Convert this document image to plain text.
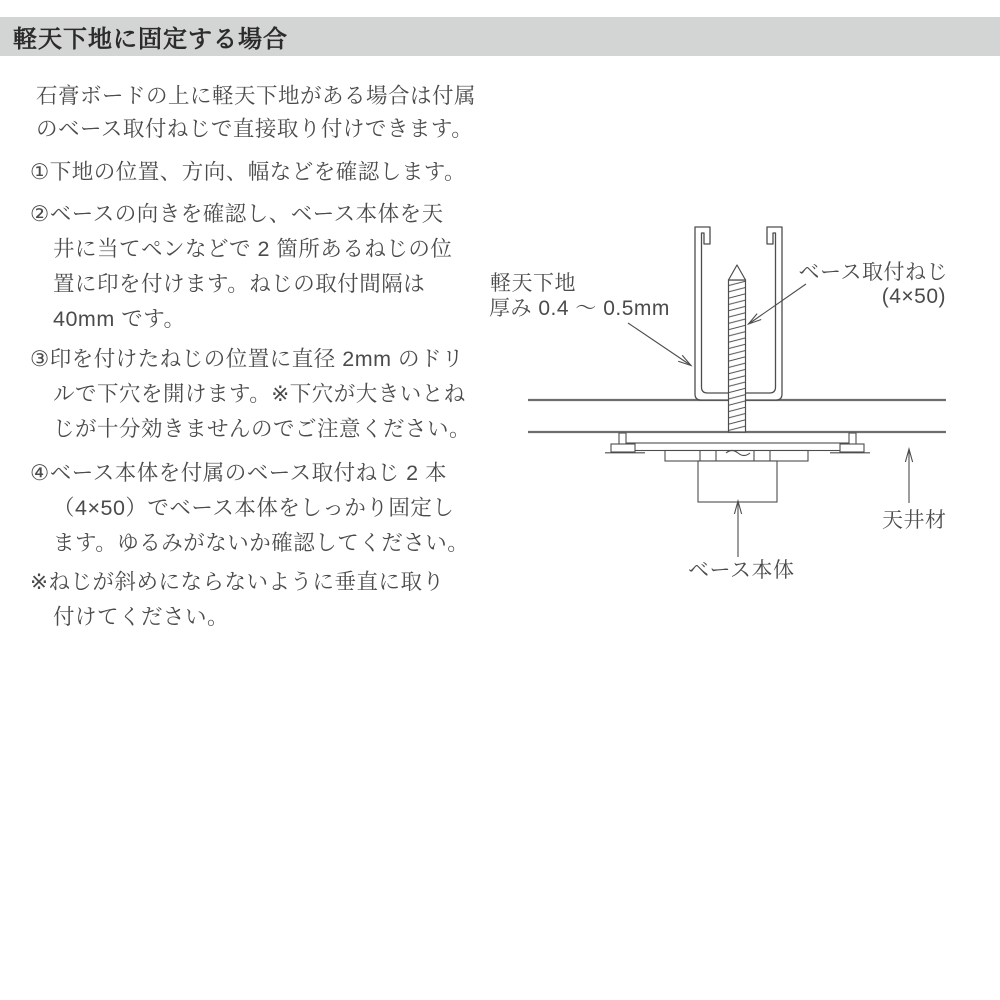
軽天下地に固定する場合
石膏ボードの上に軽天下地がある場合は付属
のベース取付ねじで直接取り付けできます。
①下地の位置、方向、幅などを確認します。
②ベースの向きを確認し、ベース本体を天
井に当てペンなどで 2 箇所あるねじの位
置に印を付けます。ねじの取付間隔は
40mm です。
③印を付けたねじの位置に直径 2mm のドリ
ルで下穴を開けます。※下穴が大きいとね
じが十分効きませんのでご注意ください。
④ベース本体を付属のベース取付ねじ 2 本
（4×50）でベース本体をしっかり固定し
ます。ゆるみがないか確認してください。
※ねじが斜めにならないように垂直に取り
付けてください。
軽天下地
厚み 0.4 〜 0.5mm
ベース取付ねじ
(4×50)
天井材
ベース本体
